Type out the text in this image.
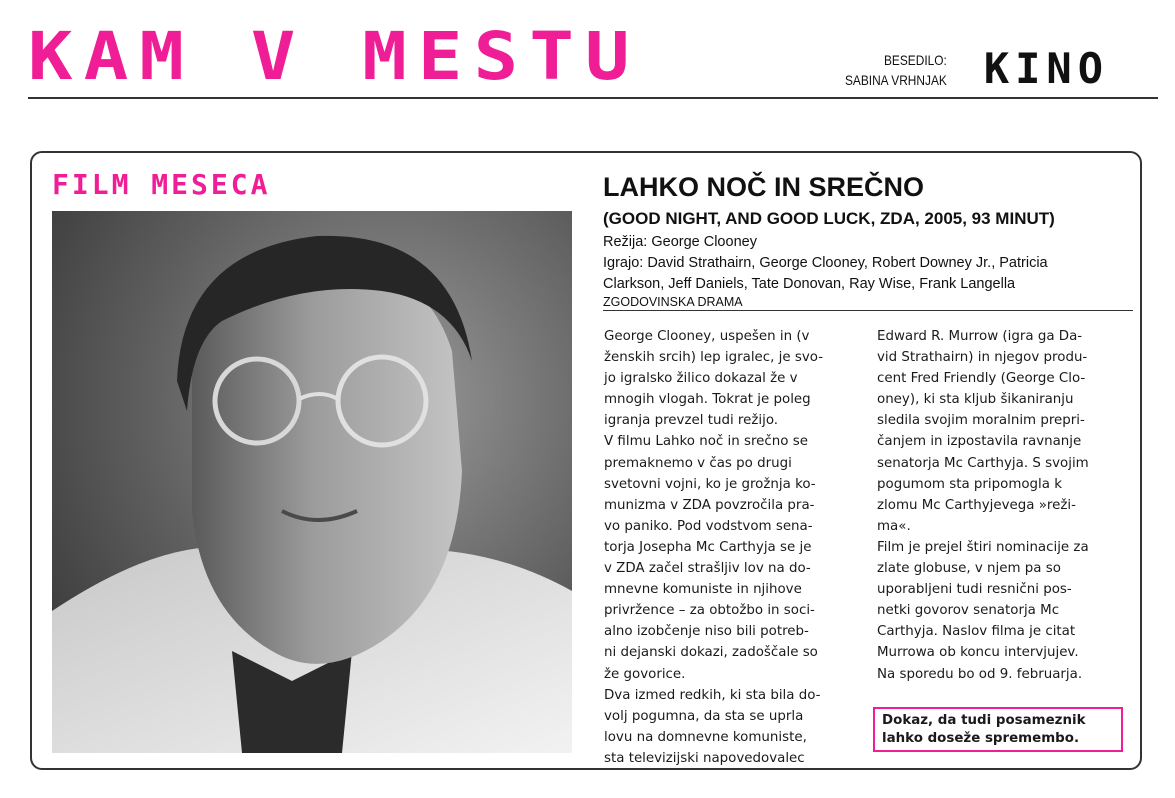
KAM V MESTU	BESEDILO:
SABINA VRHNJAK KINO
FILM MESECA	LAHKO NOČ IN SREČNO
(GOOD NIGHT, AND GOOD LUCK, ZDA, 2005, 93 MINUT)
Režija: George Clooney
Igrajo: David Strathairn, George Clooney, Robert Downey Jr., Patricia
Clarkson, Jeff Daniels, Tate Donovan, Ray Wise, Frank Langella
ZGODOVINSKA DRAMA
George Clooney, uspešen in (v
ženskih srcih) lep igralec, je svo-
jo igralsko žilico dokazal že v
mnogih vlogah. Tokrat je poleg
igranja prevzel tudi režijo.
V filmu Lahko noč in srečno se
premaknemo v čas po drugi
svetovni vojni, ko je grožnja ko-
munizma v ZDA povzročila pra-
vo paniko. Pod vodstvom sena-
torja Josepha Mc Carthyja se je
v ZDA začel strašljiv lov na do-
mnevne komuniste in njihove
privržence – za obtožbo in soci-
alno izobčenje niso bili potreb-
ni dejanski dokazi, zadoščale so
že govorice.
Dva izmed redkih, ki sta bila do-
volj pogumna, da sta se uprla
lovu na domnevne komuniste,
sta televizijski napovedovalec
Edward R. Murrow (igra ga Da-
vid Strathairn) in njegov produ-
cent Fred Friendly (George Clo-
oney), ki sta kljub šikaniranju
sledila svojim moralnim prepri-
čanjem in izpostavila ravnanje
senatorja Mc Carthyja. S svojim
pogumom sta pripomogla k
zlomu Mc Carthyjevega »reži-
ma«.
Film je prejel štiri nominacije za
zlate globuse, v njem pa so
uporabljeni tudi resnični pos-
netki govorov senatorja Mc
Carthyja. Naslov filma je citat
Murrowa ob koncu intervjujev.
Na sporedu bo od 9. februarja.
Dokaz, da tudi posameznik
lahko doseže spremembo.
